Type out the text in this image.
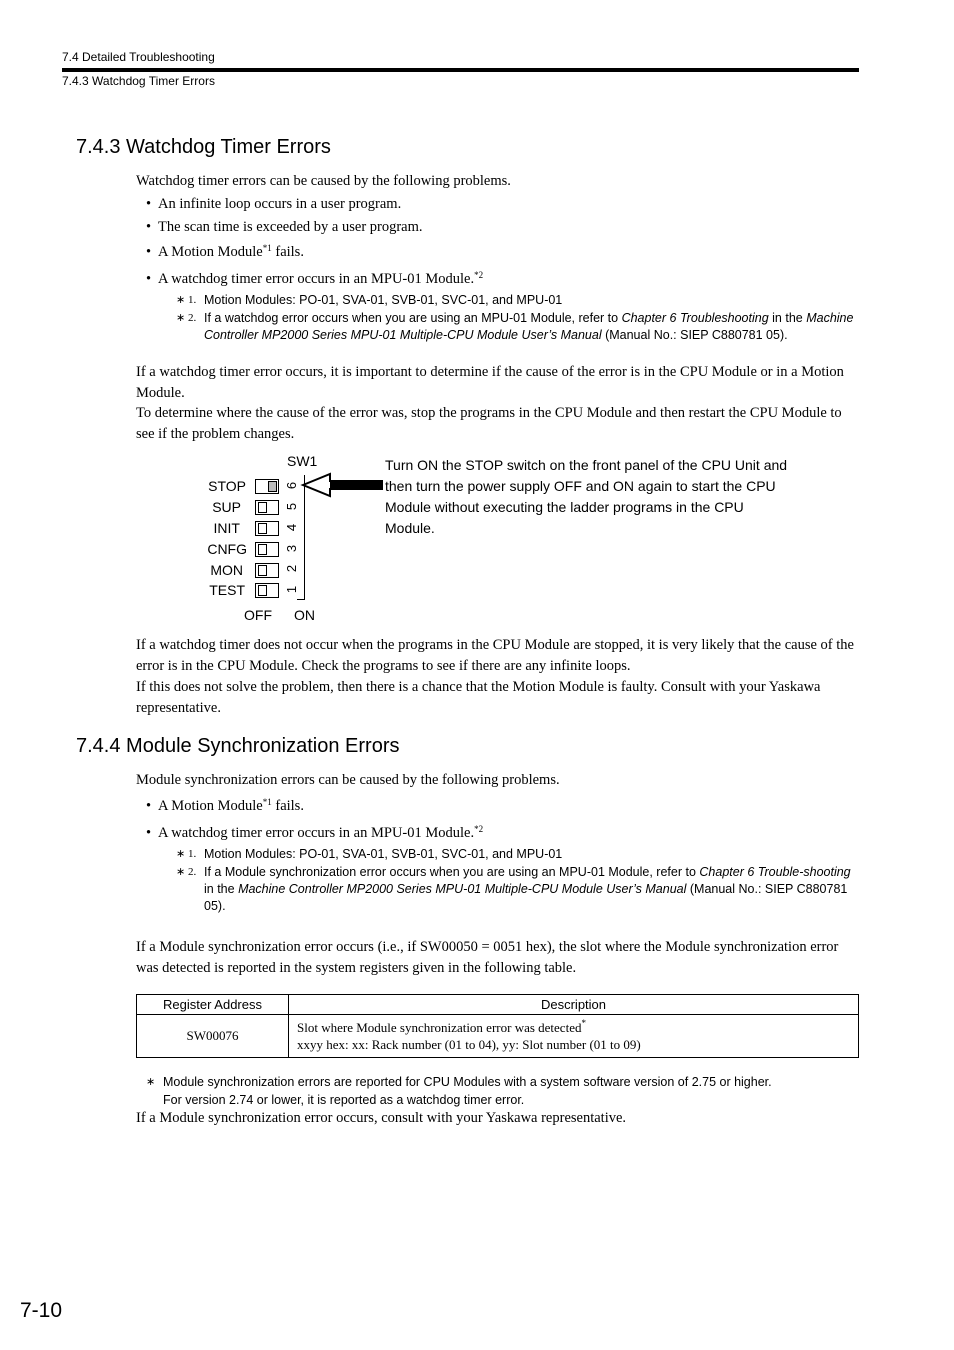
7.4 Detailed Troubleshooting
7.4.3 Watchdog Timer Errors
7.4.3 Watchdog Timer Errors

Watchdog timer errors can be caused by the following problems.

• An infinite loop occurs in a user program.
• The scan time is exceeded by a user program.
• A Motion Module$^{*1}$ fails.
• A watchdog timer error occurs in an MPU-01 Module.$^{*2}$
∗ 1. Motion Modules: PO-01, SVA-01, SVB-01, SVC-01, and MPU-01
∗ 2. If a watchdog error occurs when you are using an MPU-01 Module, refer to Chapter 6 Troubleshooting in the Machine Controller MP2000 Series MPU-01 Multiple-CPU Module User’s Manual (Manual No.: SIEP C880781 05).

If a watchdog timer error occurs, it is important to determine if the cause of the error is in the CPU Module or in a Motion Module.

To determine where the cause of the error was, stop the programs in the CPU Module and then restart the CPU Module to see if the problem changes.

SW1
STOP
SUP
INIT
CNFG
MON
TEST
6
5
4
3
2
1
OFF ON
Turn ON the STOP switch on the front panel of the CPU Unit and then turn the power supply OFF and ON again to start the CPU Module without executing the ladder programs in the CPU Module.

If a watchdog timer does not occur when the programs in the CPU Module are stopped, it is very likely that the cause of the error is in the CPU Module. Check the programs to see if there are any infinite loops.

If this does not solve the problem, then there is a chance that the Motion Module is faulty. Consult with your Yaskawa representative.

7.4.4 Module Synchronization Errors

Module synchronization errors can be caused by the following problems.

• A Motion Module$^{*1}$ fails.
• A watchdog timer error occurs in an MPU-01 Module.$^{*2}$
∗ 1. Motion Modules: PO-01, SVA-01, SVB-01, SVC-01, and MPU-01
∗ 2. If a Module synchronization error occurs when you are using an MPU-01 Module, refer to Chapter 6 Trouble-shooting in the Machine Controller MP2000 Series MPU-01 Multiple-CPU Module User’s Manual (Manual No.: SIEP C880781 05).

If a Module synchronization error occurs (i.e., if SW00050 = 0051 hex), the slot where the Module synchronization error was detected is reported in the system registers given in the following table.

Register Address	Description
SW00076	Slot where Module synchronization error was detected*
xxyy hex: xx: Rack number (01 to 04), yy: Slot number (01 to 09)
∗ Module synchronization errors are reported for CPU Modules with a system software version of 2.75 or higher.
For version 2.74 or lower, it is reported as a watchdog timer error.

If a Module synchronization error occurs, consult with your Yaskawa representative.

7-10
